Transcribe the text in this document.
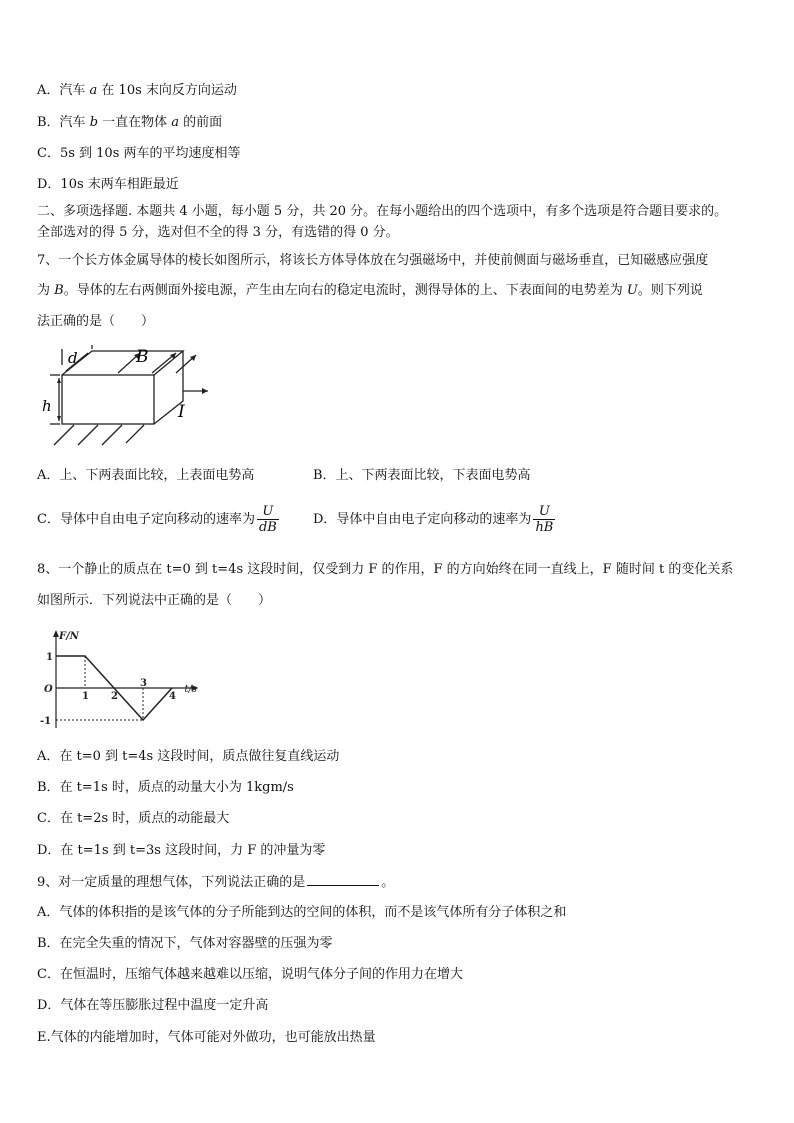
A．汽车 a 在 10s 末向反方向运动
B．汽车 b 一直在物体 a 的前面
C．5s 到 10s 两车的平均速度相等
D．10s 末两车相距最近
二、多项选择题. 本题共 4 小题，每小题 5 分，共 20 分。在每小题给出的四个选项中，有多个选项是符合题目要求的。
全部选对的得 5 分，选对但不全的得 3 分，有选错的得 0 分。
7、一个长方体金属导体的棱长如图所示，将该长方体导体放在匀强磁场中，并使前侧面与磁场垂直，已知磁感应强度
为 B。导体的左右两侧面外接电源，产生由左向右的稳定电流时，测得导体的上、下表面间的电势差为 U。则下列说
法正确的是（　　）
d	B
h	I
A．上、下两表面比较，上表面电势高	B．上、下两表面比较，下表面电势高
C．导体中自由电子定向移动的速率为 $\frac{U}{dB}$	D．导体中自由电子定向移动的速率为 $\frac{U}{hB}$
8、一个静止的质点在 t=0 到 t=4s 这段时间，仅受到力 F 的作用，F 的方向始终在同一直线上，F 随时间 t 的变化关系
如图所示．下列说法中正确的是（　　）
F/N
t/s
O
1
-1
1 2
3
4
A．在 t=0 到 t=4s 这段时间，质点做往复直线运动
B．在 t=1s 时，质点的动量大小为 1kgm/s
C．在 t=2s 时，质点的动能最大
D．在 t=1s 到 t=3s 这段时间，力 F 的冲量为零
9、对一定质量的理想气体，下列说法正确的是	。
A．气体的体积指的是该气体的分子所能到达的空间的体积，而不是该气体所有分子体积之和
B．在完全失重的情况下，气体对容器壁的压强为零
C．在恒温时，压缩气体越来越难以压缩，说明气体分子间的作用力在增大
D．气体在等压膨胀过程中温度一定升高
E.气体的内能增加时，气体可能对外做功，也可能放出热量
